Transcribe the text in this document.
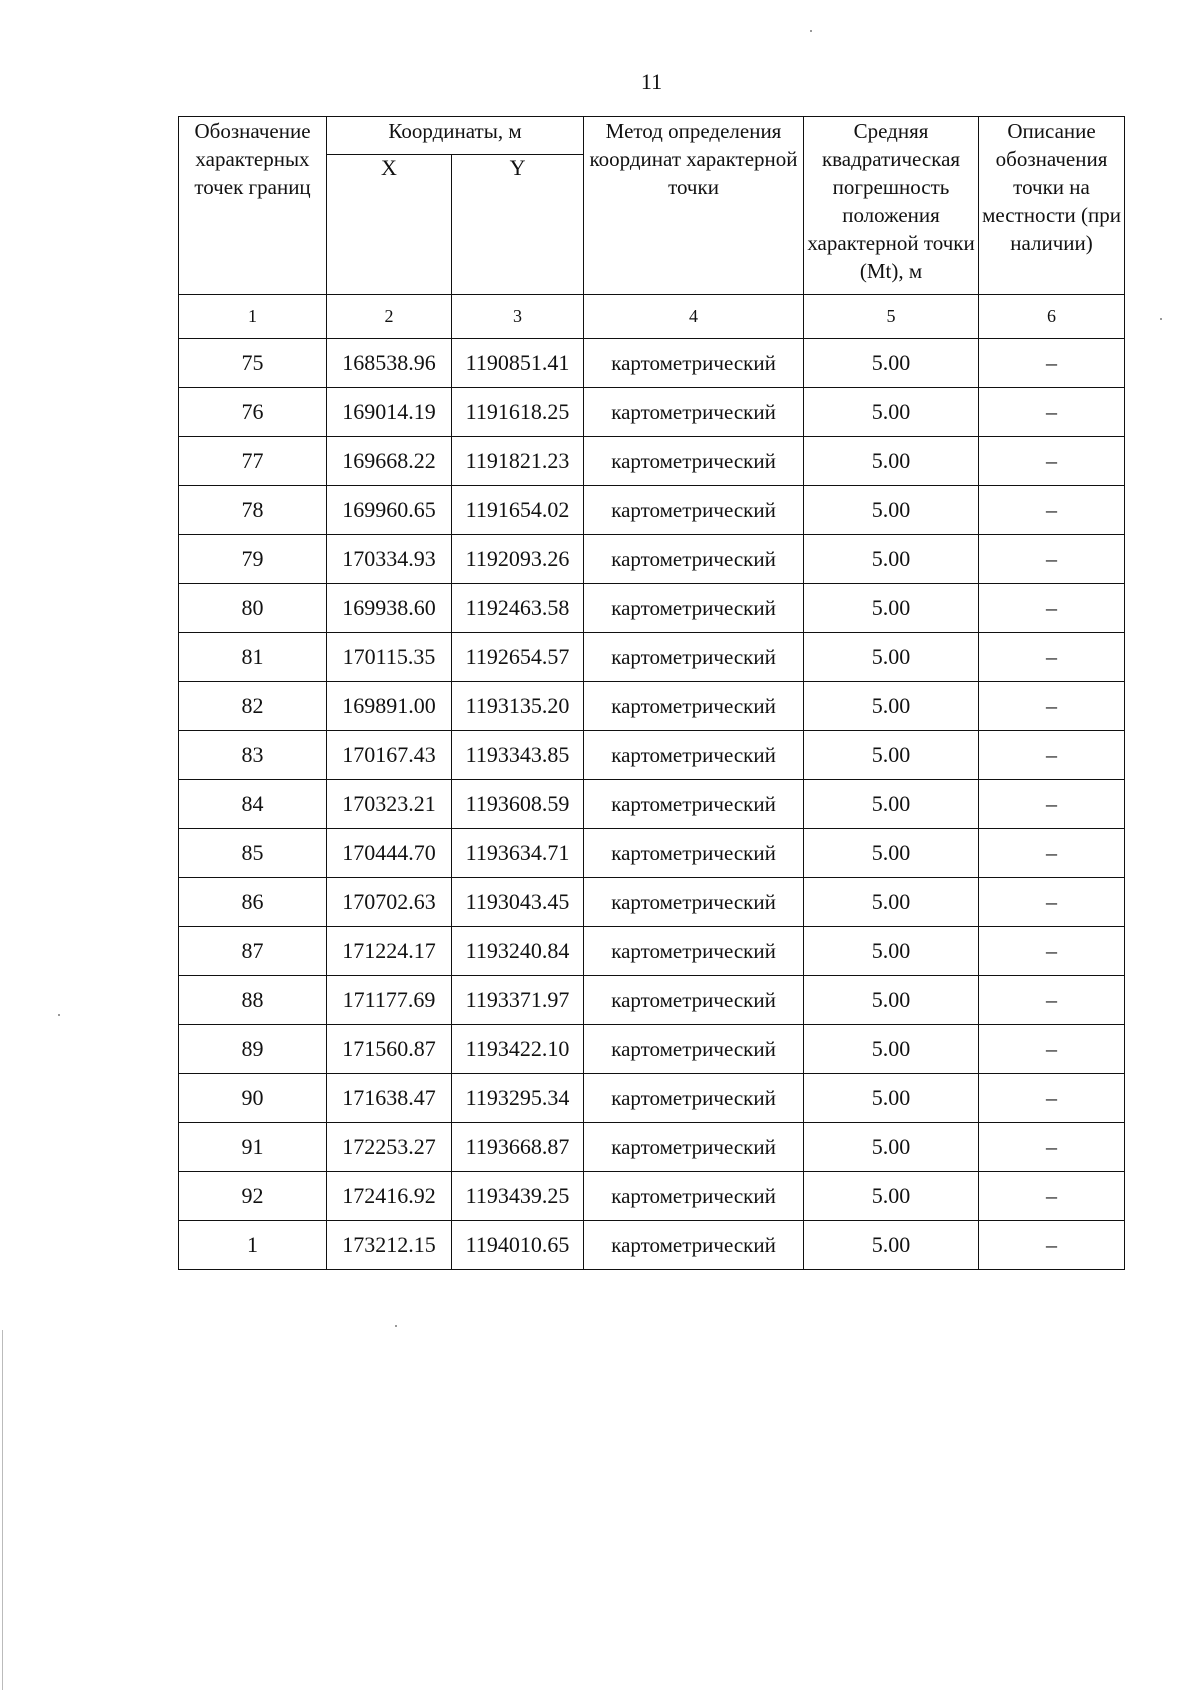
11
Обозначение характерных точек границ	Координаты, м		Метод определения координат характерной точки	Средняя квадратическая погрешность положения характерной точки (Mt), м	Описание обозначения точки на местности (при наличии)
	X	Y			
1	2	3	4	5	6
75	168538.96	1190851.41	картометрический	5.00	–
76	169014.19	1191618.25	картометрический	5.00	–
77	169668.22	1191821.23	картометрический	5.00	–
78	169960.65	1191654.02	картометрический	5.00	–
79	170334.93	1192093.26	картометрический	5.00	–
80	169938.60	1192463.58	картометрический	5.00	–
81	170115.35	1192654.57	картометрический	5.00	–
82	169891.00	1193135.20	картометрический	5.00	–
83	170167.43	1193343.85	картометрический	5.00	–
84	170323.21	1193608.59	картометрический	5.00	–
85	170444.70	1193634.71	картометрический	5.00	–
86	170702.63	1193043.45	картометрический	5.00	–
87	171224.17	1193240.84	картометрический	5.00	–
88	171177.69	1193371.97	картометрический	5.00	–
89	171560.87	1193422.10	картометрический	5.00	–
90	171638.47	1193295.34	картометрический	5.00	–
91	172253.27	1193668.87	картометрический	5.00	–
92	172416.92	1193439.25	картометрический	5.00	–
1	173212.15	1194010.65	картометрический	5.00	–
